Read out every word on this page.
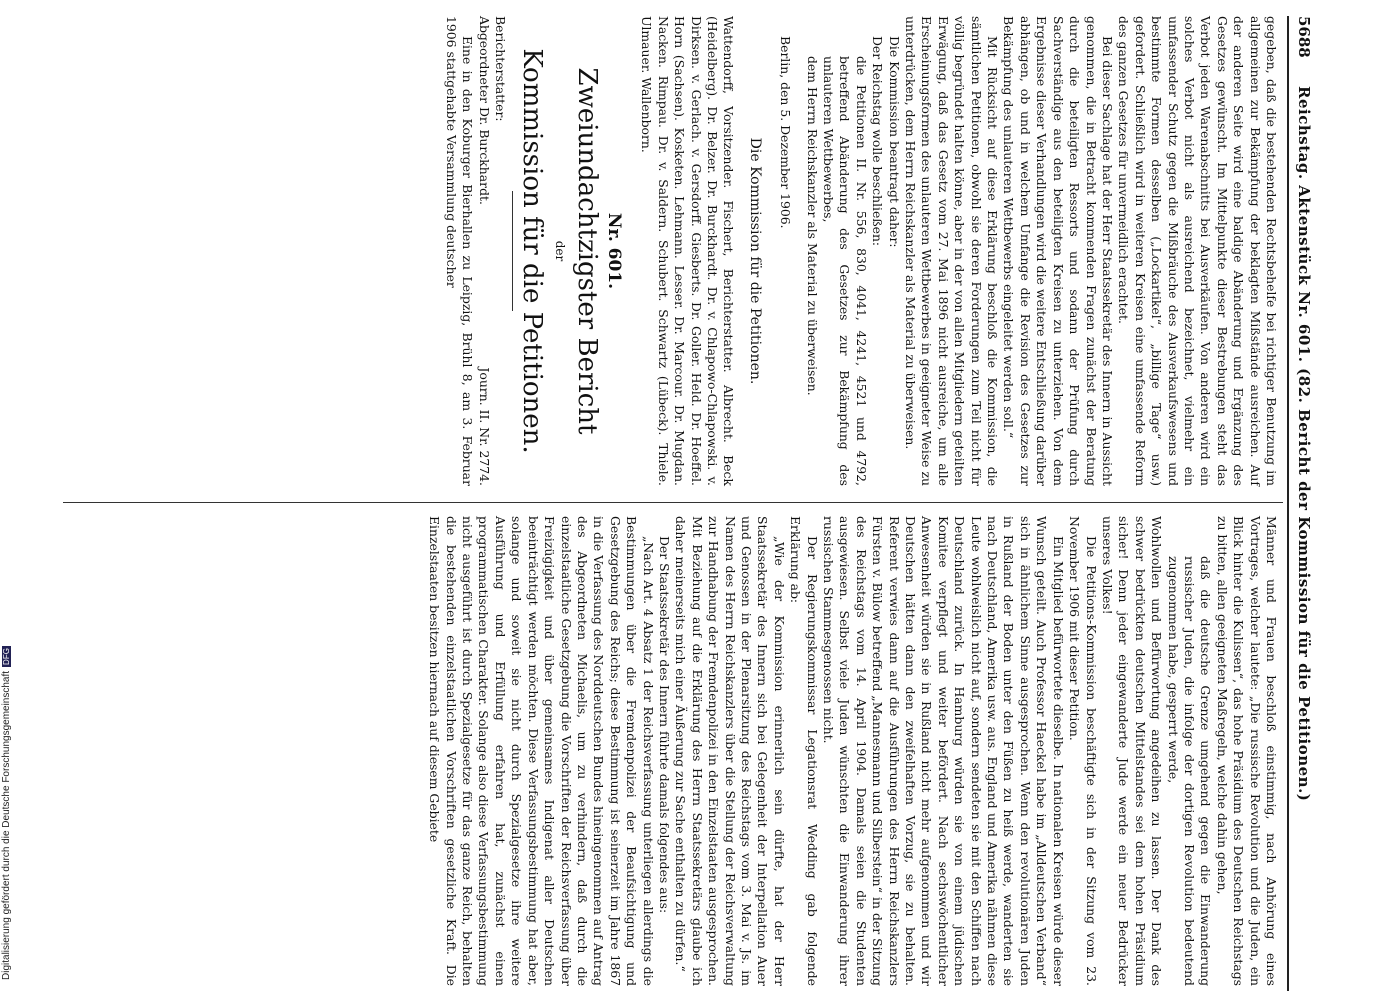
5688
Reichstag. Aktenstück Nr. 601. (82. Bericht der Kommission für die Petitionen.)

gegeben, daß die bestehenden Rechtsbehelfe bei richtiger Benutzung im allgemeinen zur Bekämpfung der beklagten Mißstände ausreichen. Auf der anderen Seite wird eine baldige Abänderung und Ergänzung des Gesetzes gewünscht. Im Mittelpunkte dieser Bestrebungen steht das Verbot jeden Warenabschnitts bei Ausverkäufen. Von anderen wird ein solches Verbot nicht als ausreichend bezeichnet, vielmehr ein umfassender Schutz gegen die Mißbräuche des Ausverkaufswesens und bestimmte Formen desselben („Lockartikel“, „billige Tage“ usw.) gefordert. Schließlich wird in weiteren Kreisen eine umfassende Reform des ganzen Gesetzes für unvermeidlich erachtet.

Bei dieser Sachlage hat der Herr Staatssekretär des Innern in Aussicht genommen, die in Betracht kommenden Fragen zunächst der Beratung durch die beteiligten Ressorts und sodann der Prüfung durch Sachverständige aus den beteiligten Kreisen zu unterziehen. Von dem Ergebnisse dieser Verhandlungen wird die weitere Entschließung darüber abhängen, ob und in welchem Umfange die Revision des Gesetzes zur Bekämpfung des unlauteren Wettbewerbs eingeleitet werden soll.“

Mit Rücksicht auf diese Erklärung beschloß die Kommission, die sämtlichen Petitionen, obwohl sie deren Forderungen zum Teil nicht für völlig begründet halten könne, aber in der von allen Mitgliedern geteilten Erwägung, daß das Gesetz vom 27. Mai 1896 nicht ausreiche, um alle Erscheinungsformen des unlauteren Wettbewerbes in geeigneter Weise zu unterdrücken, dem Herrn Reichskanzler als Material zu überweisen.

Die Kommission beantragt daher:

Der Reichstag wolle beschließen:

die Petitionen II. Nr. 556, 830, 4041, 4241, 4521 und 4792, betreffend Abänderung des Gesetzes zur Bekämpfung des unlauteren Wettbewerbes,

dem Herrn Reichskanzler als Material zu überweisen.

Berlin, den 5. Dezember 1906.

Die Kommission für die Petitionen.

Wattendorff, Vorsitzender. Fischert, Berichterstatter. Albrecht. Beck (Heidelberg). Dr. Belzer. Dr. Burckhardt. Dr. v. Chlapowo-Chlapowski. v. Dirksen. v. Gerlach. v. Gersdorff. Giesberts. Dr. Goller. Held. Dr. Hoeffel. Horn (Sachsen). Kosketen. Lehmann. Lesser. Dr. Marcour. Dr. Mugdan. Nacken. Rimpau. Dr. v. Saldern. Schubert. Schwartz (Lübeck). Thiele. Ulmauer. Wallenborn.

Nr. 601.
Zweiundachtzigster Bericht
der
Kommission für die Petitionen.
Berichterstatter:
Abgeordneter Dr. Burckhardt.
Journ. II. Nr. 2774.

Eine in den Koburger Bierhallen zu Leipzig, Brühl 8, am 3. Februar 1906 stattgehabte Versammlung deutscher

Männer und Frauen beschloß einstimmig, nach Anhörung eines Vortrages, welcher lautete: „Die russische Revolution und die Juden, ein Blick hinter die Kulissen“, das hohe Präsidium des Deutschen Reichstags zu bitten, allen geeigneten Maßregeln, welche dahin gehen,

daß die deutsche Grenze umgehend gegen die Einwanderung russischer Juden, die infolge der dortigen Revolution bedeutend zugenommen habe, gesperrt werde,

Wohlwollen und Befürwortung angedeihen zu lassen. Der Dank des schwer bedrückten deutschen Mittelstandes sei dem hohen Präsidium sicher! Denn jeder eingewanderte Jude werde ein neuer Bedrücker unseres Volkes!

Die Petitions-Kommission beschäftigte sich in der Sitzung vom 23. November 1906 mit dieser Petition.

Ein Mitglied befürwortete dieselbe. In nationalen Kreisen würde dieser Wunsch geteilt. Auch Professor Haeckel habe im „Alldeutschen Verband“ sich in ähnlichem Sinne ausgesprochen. Wenn den revolutionären Juden in Rußland der Boden unter den Füßen zu heiß werde, wanderten sie nach Deutschland, Amerika usw. aus. England und Amerika nähmen diese Leute wohlweislich nicht auf, sondern sendeten sie mit den Schiffen nach Deutschland zurück. In Hamburg würden sie von einem jüdischen Komitee verpflegt und weiter befördert. Nach sechswöchentlicher Anwesenheit würden sie in Rußland nicht mehr aufgenommen und wir Deutschen hätten dann den zweifelhaften Vorzug, sie zu behalten. Referent verwies dann auf die Ausführungen des Herrn Reichskanzlers Fürsten v. Bülow betreffend „Mannesmann und Silberstein“ in der Sitzung des Reichstags vom 14. April 1904. Damals seien die Studenten ausgewiesen. Selbst viele Juden wünschten die Einwanderung ihrer russischen Stammesgenossen nicht.

Der Regierungskommissar Legationsrat Wedding gab folgende Erklärung ab:

„Wie der Kommission erinnerlich sein dürfte, hat der Herr Staatssekretär des Innern sich bei Gelegenheit der Interpellation Auer und Genossen in der Plenarsitzung des Reichstags vom 3. Mai v. Js. im Namen des Herrn Reichskanzlers über die Stellung der Reichsverwaltung zur Handhabung der Fremdenpolizei in den Einzelstaaten ausgesprochen. Mit Beziehung auf die Erklärung des Herrn Staatssekretärs glaube ich daher meinerseits mich einer Äußerung zur Sache enthalten zu dürfen.“

Der Staatssekretär des Innern führte damals folgendes aus:

„Nach Art. 4 Absatz 1 der Reichsverfassung unterliegen allerdings die Bestimmungen über die Fremdenpolizei der Beaufsichtigung und Gesetzgebung des Reichs; diese Bestimmung ist seinerzeit im Jahre 1867 in die Verfassung des Norddeutschen Bundes hineingenommen auf Antrag des Abgeordneten Michaelis, um zu verhindern, daß durch die einzelstaatliche Gesetzgebung die Vorschriften der Reichsverfassung über Freizügigkeit und über gemeinsames Indigenat aller Deutschen beeinträchtigt werden möchten. Diese Verfassungsbestimmung hat aber, solange und soweit sie nicht durch Spezialgesetze ihre weitere Ausführung und Erfüllung erfahren hat, zunächst einen programmatischen Charakter. Solange also diese Verfassungsbestimmung nicht ausgeführt ist durch Spezialgesetze für das ganze Reich, behalten die bestehenden einzelstaatlichen Vorschriften gesetzliche Kraft. Die Einzelstaaten besitzen hiernach auf diesem Gebiete

Digitalisierung gefördert durch die Deutsche ForschungsgemeinschaftDFG
